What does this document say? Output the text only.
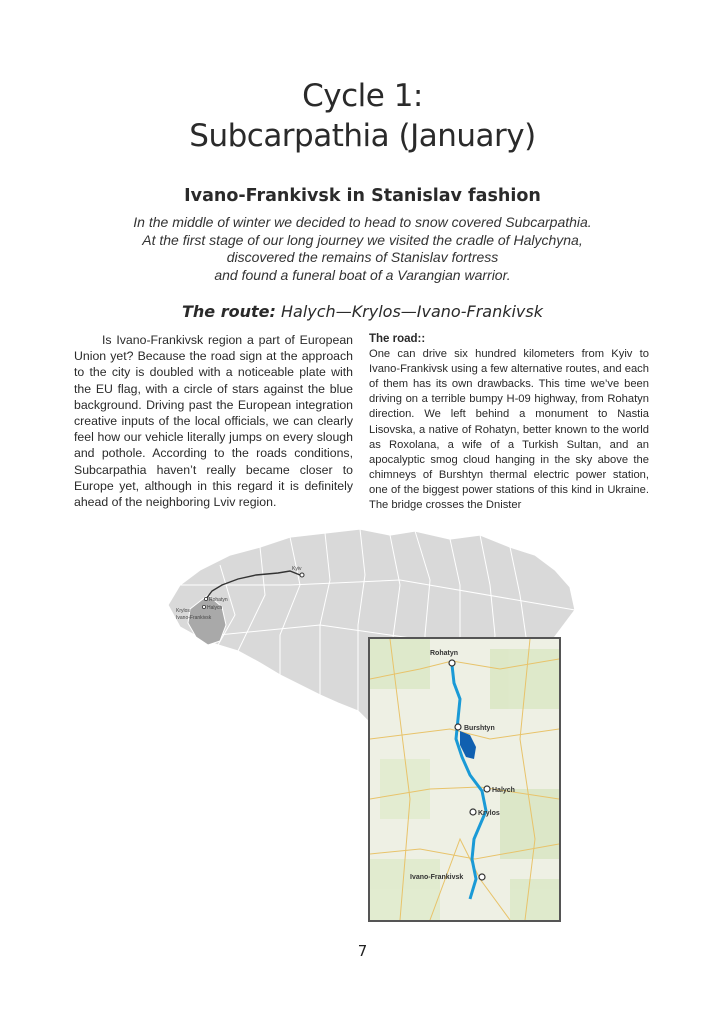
Cycle 1:
Subcarpathia (January)
Ivano-Frankivsk in Stanislav fashion
In the middle of winter we decided to head to snow covered Subcarpathia.
At the first stage of our long journey we visited the cradle of Halychyna,
discovered the remains of Stanislav fortress
and found a funeral boat of a Varangian warrior.
The route: Halych—Krylos—Ivano-Frankivsk
Is Ivano-Frankivsk region a part of European Union yet? Because the road sign at the approach to the city is doubled with a noticeable plate with the EU flag, with a circle of stars against the blue background. Driving past the European integration creative inputs of the local officials, we can clearly feel how our vehicle literally jumps on every slough and pothole. According to the roads conditions, Subcarpathia haven’t really became closer to Europe yet, although in this regard it is definitely ahead of the neighboring Lviv region.
The road::
One can drive six hundred kilometers from Kyiv to Ivano-Frankivsk using a few alternative routes, and each of them has its own drawbacks. This time we’ve been driving on a terrible bumpy H-09 highway, from Rohatyn direction. We left behind a monument to Nastia Lisovska, a native of Rohatyn, better known to the world as Roxolana, a wife of a Turkish Sultan, and an apocalyptic smog cloud hanging in the sky above the chimneys of Burshtyn thermal electric power station, one of the biggest power stations of this kind in Ukraine. The bridge crosses the Dnister
Kyiv
Rohatyn
Halych
Krylos
Ivano-Frankivsk
Rohatyn
Burshtyn
Halych
Krylos
Ivano-Frankivsk
7
